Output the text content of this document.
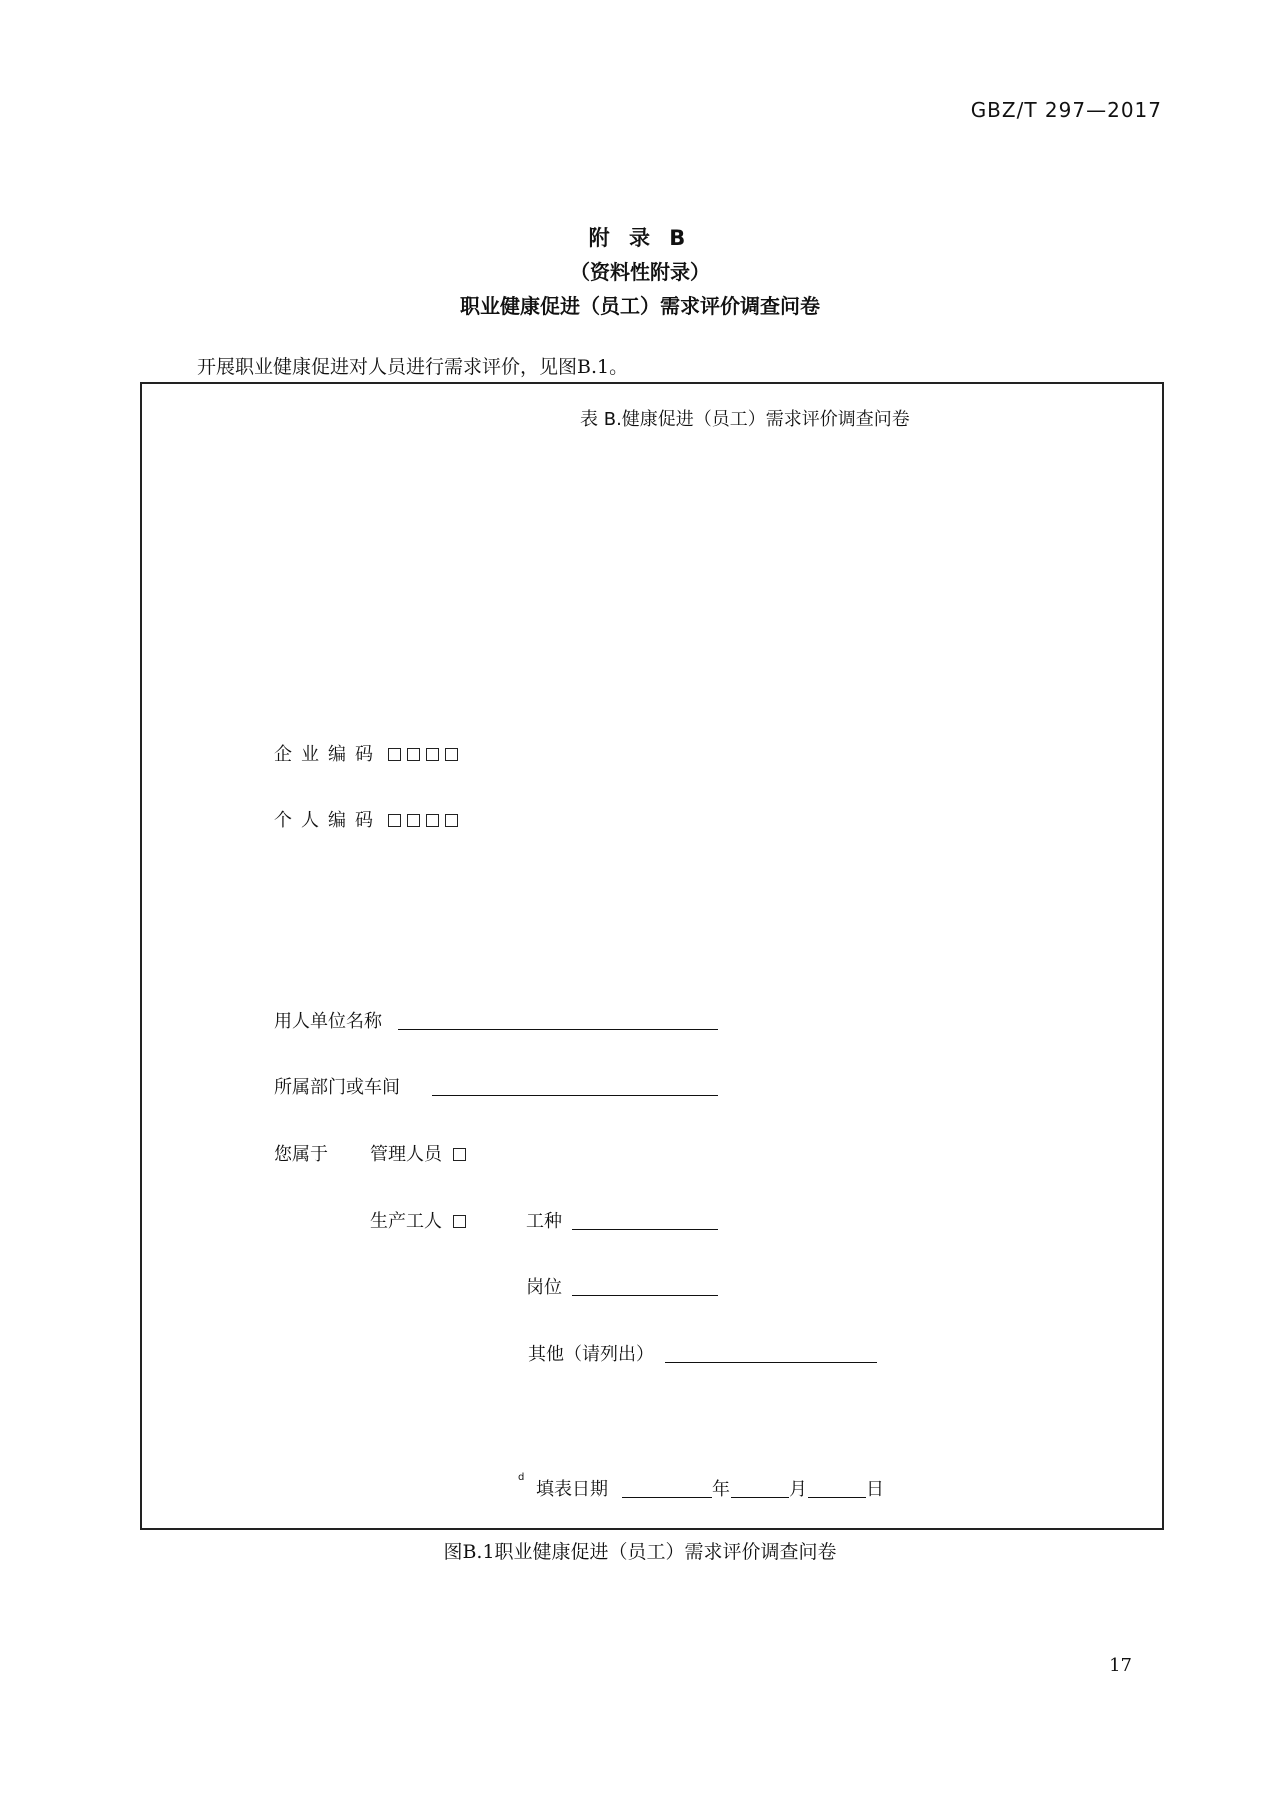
GBZ/T 297—2017
附 录 B
（资料性附录）
职业健康促进（员工）需求评价调查问卷
开展职业健康促进对人员进行需求评价，见图B.1。
表 B.健康促进（员工）需求评价调查问卷
企业编码
个人编码
用人单位名称
所属部门或车间
您属于 管理人员
生产工人	工种
岗位
其他（请列出）
d
填表日期	年	月	日
图B.1职业健康促进（员工）需求评价调查问卷
17
